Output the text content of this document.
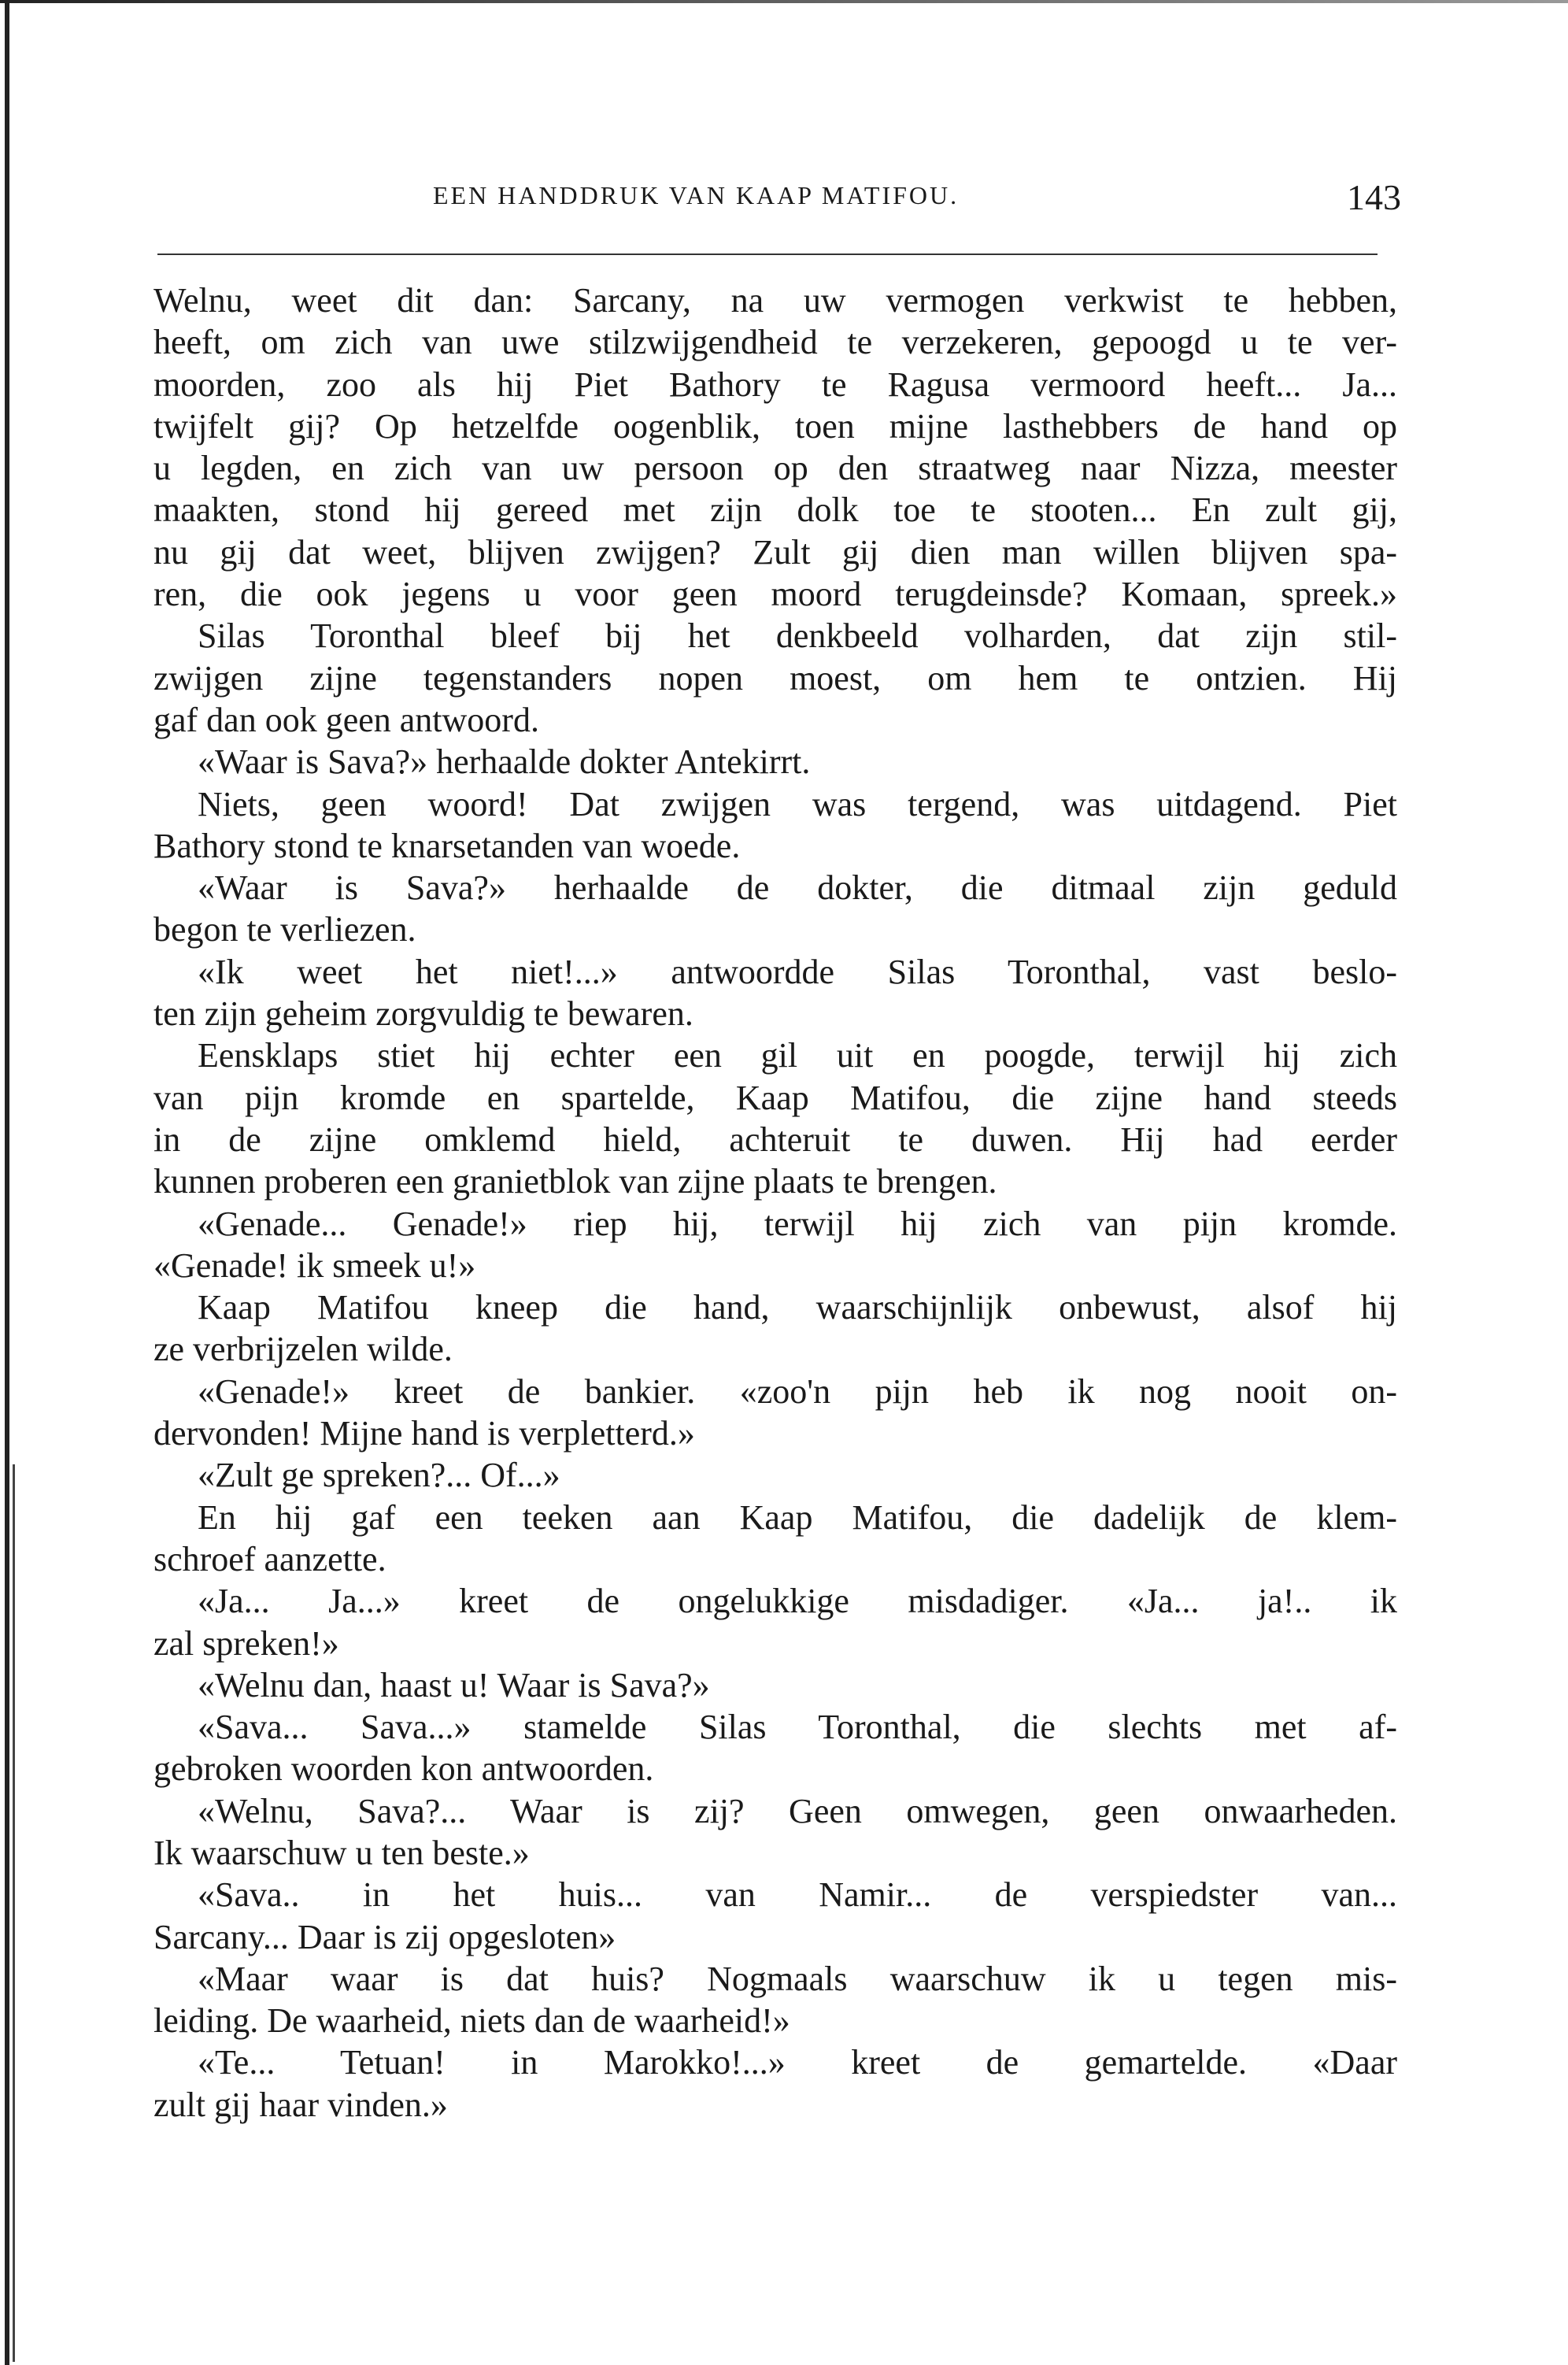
EEN HANDDRUK VAN KAAP MATIFOU.	143
Welnu, weet dit dan: Sarcany, na uw vermogen verkwist te hebben,
heeft, om zich van uwe stilzwijgendheid te verzekeren, gepoogd u te ver-
moorden, zoo als hij Piet Bathory te Ragusa vermoord heeft... Ja...
twijfelt gij? Op hetzelfde oogenblik, toen mijne lasthebbers de hand op
u legden, en zich van uw persoon op den straatweg naar Nizza, meester
maakten, stond hij gereed met zijn dolk toe te stooten... En zult gij,
nu gij dat weet, blijven zwijgen? Zult gij dien man willen blijven spa-
ren, die ook jegens u voor geen moord terugdeinsde? Komaan, spreek.»
Silas Toronthal bleef bij het denkbeeld volharden, dat zijn stil-
zwijgen zijne tegenstanders nopen moest, om hem te ontzien. Hij
gaf dan ook geen antwoord.
«Waar is Sava?» herhaalde dokter Antekirrt.
Niets, geen woord! Dat zwijgen was tergend, was uitdagend. Piet
Bathory stond te knarsetanden van woede.
«Waar is Sava?» herhaalde de dokter, die ditmaal zijn geduld
begon te verliezen.
«Ik weet het niet!...» antwoordde Silas Toronthal, vast beslo-
ten zijn geheim zorgvuldig te bewaren.
Eensklaps stiet hij echter een gil uit en poogde, terwijl hij zich
van pijn kromde en spartelde, Kaap Matifou, die zijne hand steeds
in de zijne omklemd hield, achteruit te duwen. Hij had eerder
kunnen proberen een granietblok van zijne plaats te brengen.
«Genade... Genade!» riep hij, terwijl hij zich van pijn kromde.
«Genade! ik smeek u!»
Kaap Matifou kneep die hand, waarschijnlijk onbewust, alsof hij
ze verbrijzelen wilde.
«Genade!» kreet de bankier. «zoo'n pijn heb ik nog nooit on-
dervonden! Mijne hand is verpletterd.»
«Zult ge spreken?... Of...»
En hij gaf een teeken aan Kaap Matifou, die dadelijk de klem-
schroef aanzette.
«Ja... Ja...» kreet de ongelukkige misdadiger. «Ja... ja!.. ik
zal spreken!»
«Welnu dan, haast u! Waar is Sava?»
«Sava... Sava...» stamelde Silas Toronthal, die slechts met af-
gebroken woorden kon antwoorden.
«Welnu, Sava?... Waar is zij? Geen omwegen, geen onwaarheden.
Ik waarschuw u ten beste.»
«Sava.. in het huis... van Namir... de verspiedster van...
Sarcany... Daar is zij opgesloten»
«Maar waar is dat huis? Nogmaals waarschuw ik u tegen mis-
leiding. De waarheid, niets dan de waarheid!»
«Te... Tetuan! in Marokko!...» kreet de gemartelde. «Daar
zult gij haar vinden.»
